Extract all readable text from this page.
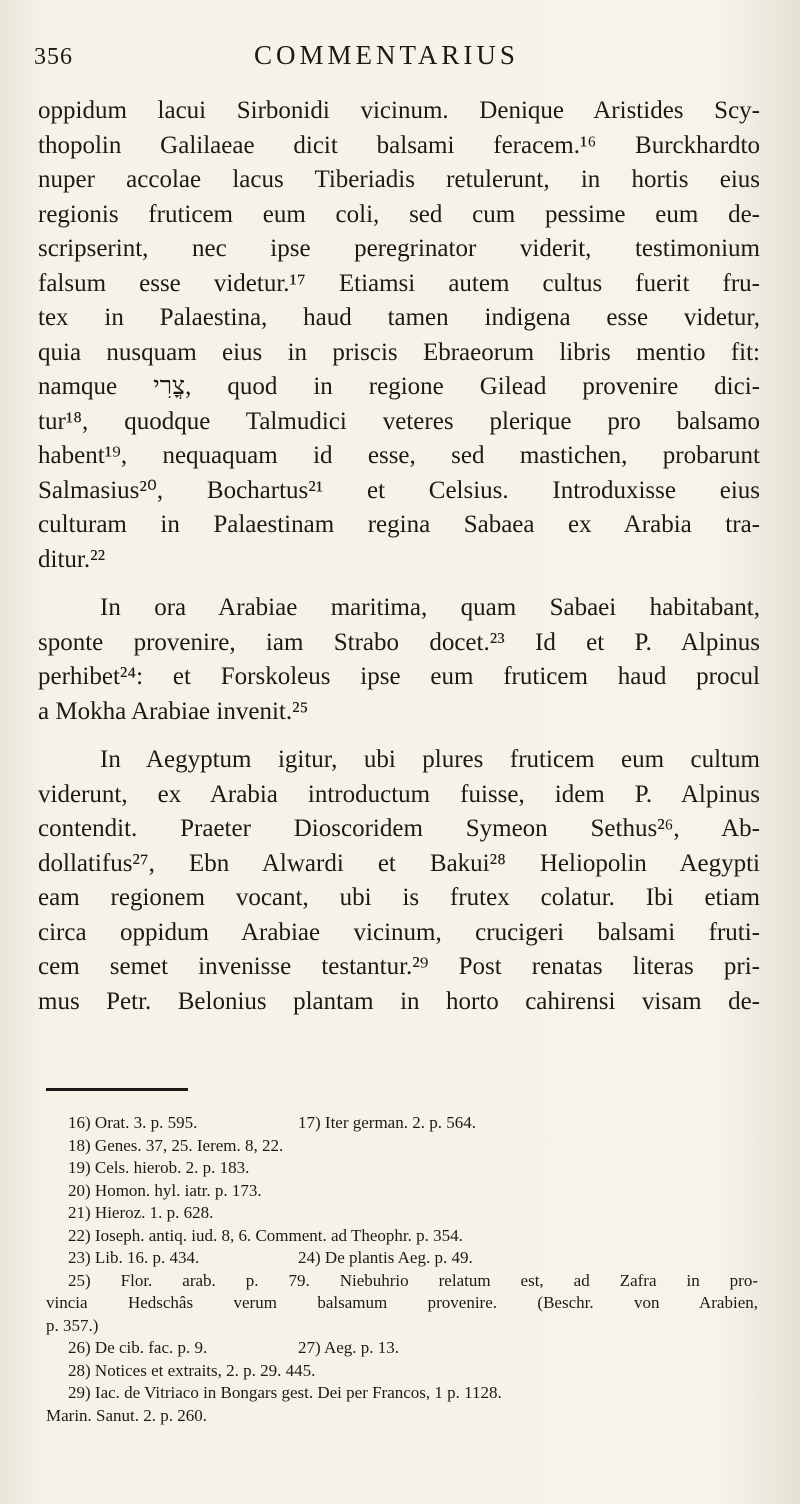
356	COMMENTARIUS
oppidum lacui Sirbonidi vicinum. Denique Aristides Scy-
thopolin Galilaeae dicit balsami feracem.¹⁶ Burckhardto
nuper accolae lacus Tiberiadis retulerunt, in hortis eius
regionis fruticem eum coli, sed cum pessime eum de-
scripserint, nec ipse peregrinator viderit, testimonium
falsum esse videtur.¹⁷ Etiamsi autem cultus fuerit fru-
tex in Palaestina, haud tamen indigena esse videtur,
quia nusquam eius in priscis Ebraeorum libris mentio fit:
namque צֳרִי, quod in regione Gilead provenire dici-
tur¹⁸, quodque Talmudici veteres plerique pro balsamo
habent¹⁹, nequaquam id esse, sed mastichen, probarunt
Salmasius²⁰, Bochartus²¹ et Celsius. Introduxisse eius
culturam in Palaestinam regina Sabaea ex Arabia tra-
ditur.²²
In ora Arabiae maritima, quam Sabaei habitabant,
sponte provenire, iam Strabo docet.²³ Id et P. Alpinus
perhibet²⁴: et Forskoleus ipse eum fruticem haud procul
a Mokha Arabiae invenit.²⁵
In Aegyptum igitur, ubi plures fruticem eum cultum
viderunt, ex Arabia introductum fuisse, idem P. Alpinus
contendit. Praeter Dioscoridem Symeon Sethus²⁶, Ab-
dollatifus²⁷, Ebn Alwardi et Bakui²⁸ Heliopolin Aegypti
eam regionem vocant, ubi is frutex colatur. Ibi etiam
circa oppidum Arabiae vicinum, crucigeri balsami fruti-
cem semet invenisse testantur.²⁹ Post renatas literas pri-
mus Petr. Belonius plantam in horto cahirensi visam de-
16) Orat. 3. p. 595.	17) Iter german. 2. p. 564.
18) Genes. 37, 25. Ierem. 8, 22.
19) Cels. hierob. 2. p. 183.
20) Homon. hyl. iatr. p. 173.
21) Hieroz. 1. p. 628.
22) Ioseph. antiq. iud. 8, 6. Comment. ad Theophr. p. 354.
23) Lib. 16. p. 434.	24) De plantis Aeg. p. 49.
25) Flor. arab. p. 79. Niebuhrio relatum est, ad Zafra in pro-
vincia Hedschâs verum balsamum provenire. (Beschr. von Arabien,
p. 357.)
26) De cib. fac. p. 9.	27) Aeg. p. 13.
28) Notices et extraits, 2. p. 29. 445.
29) Iac. de Vitriaco in Bongars gest. Dei per Francos, 1 p. 1128.
Marin. Sanut. 2. p. 260.
